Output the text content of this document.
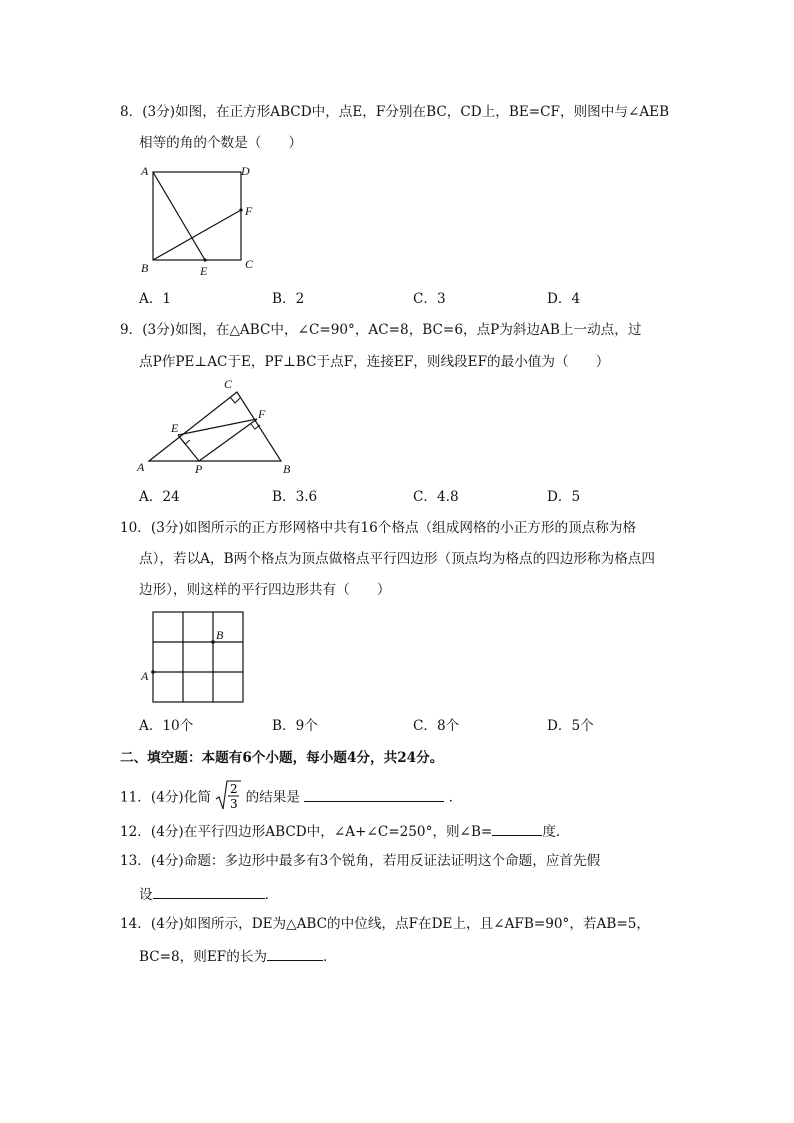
8．(3分)如图，在正方形ABCD中，点E，F分别在BC，CD上，BE=CF，则图中与∠AEB
相等的角的个数是（　　）
A	D
F
B	E	C
A．1	B．2	C．3	D．4
9．(3分)如图，在△ABC中，∠C=90°，AC=8，BC=6，点P为斜边AB上一动点，过
点P作PE⊥AC于E，PF⊥BC于点F，连接EF，则线段EF的最小值为（　　）
C
F
E
A	P	B
A．24	B．3.6	C．4.8	D．5
10．(3分)如图所示的正方形网格中共有16个格点（组成网格的小正方形的顶点称为格
点），若以A，B两个格点为顶点做格点平行四边形（顶点均为格点的四边形称为格点四
边形），则这样的平行四边形共有（　　）
B
A
A．10个	B．9个	C．8个	D．5个
二、填空题：本题有6个小题，每小题4分，共24分。
11．(4分)化简
2
3 的结果是	．
12．(4分)在平行四边形ABCD中，∠A+∠C=250°，则∠B=	度．
13．(4分)命题：多边形中最多有3个锐角，若用反证法证明这个命题，应首先假
设	．
14．(4分)如图所示，DE为△ABC的中位线，点F在DE上，且∠AFB=90°，若AB=5，
BC=8，则EF的长为	．
